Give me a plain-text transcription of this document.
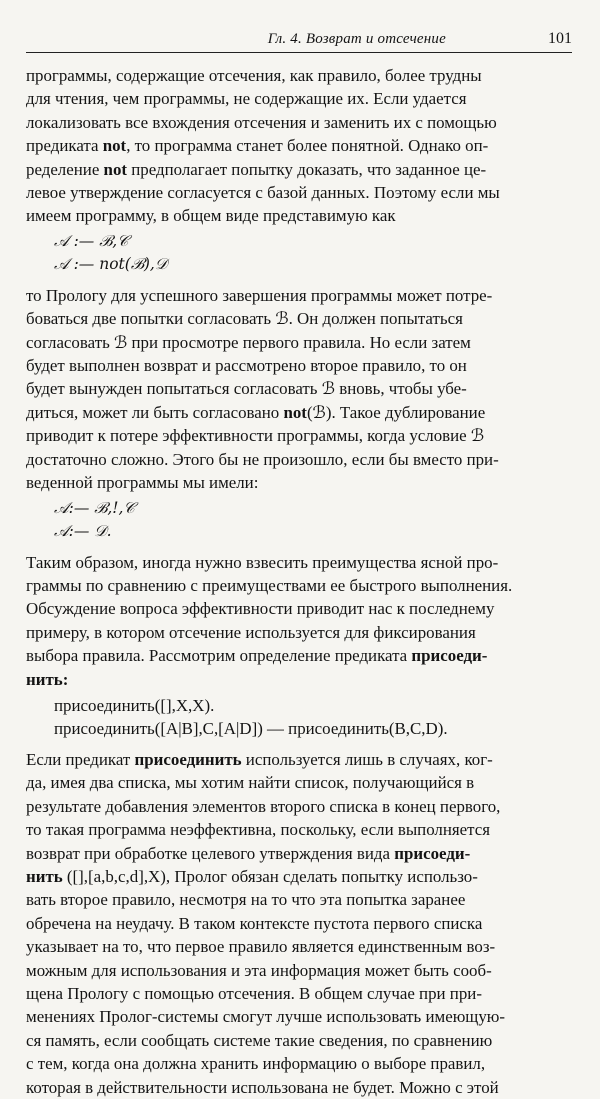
Гл. 4. Возврат и отсечение	101

программы, содержащие отсечения, как правило, более трудны
для чтения, чем программы, не содержащие их. Если удается
локализовать все вхождения отсечения и заменить их с помощью
предиката not, то программа станет более понятной. Однако оп-
ределение not предполагает попытку доказать, что заданное це-
левое утверждение согласуется с базой данных. Поэтому если мы
имеем программу, в общем виде представимую как

𝒜 :— ℬ,𝒞
𝒜 :— not(ℬ),𝒟

то Прологу для успешного завершения программы может потре-
боваться две попытки согласовать ℬ. Он должен попытаться
согласовать ℬ при просмотре первого правила. Но если затем
будет выполнен возврат и рассмотрено второе правило, то он
будет вынужден попытаться согласовать ℬ вновь, чтобы убе-
диться, может ли быть согласовано not(ℬ). Такое дублирование
приводит к потере эффективности программы, когда условие ℬ
достаточно сложно. Этого бы не произошло, если бы вместо при-
веденной программы мы имели:

𝒜:— ℬ,!,𝒞
𝒜:— 𝒟.

Таким образом, иногда нужно взвесить преимущества ясной про-
граммы по сравнению с преимуществами ее быстрого выполнения.
Обсуждение вопроса эффективности приводит нас к последнему
примеру, в котором отсечение используется для фиксирования
выбора правила. Рассмотрим определение предиката присоеди-
нить:

присоединить([],X,X).
присоединить([A|B],C,[A|D]) — присоединить(B,C,D).

Если предикат присоединить используется лишь в случаях, ког-
да, имея два списка, мы хотим найти список, получающийся в
результате добавления элементов второго списка в конец первого,
то такая программа неэффективна, поскольку, если выполняется
возврат при обработке целевого утверждения вида присоеди-
нить ([],[a,b,c,d],X), Пролог обязан сделать попытку использо-
вать второе правило, несмотря на то что эта попытка заранее
обречена на неудачу. В таком контексте пустота первого списка
указывает на то, что первое правило является единственным воз-
можным для использования и эта информация может быть сооб-
щена Прологу с помощью отсечения. В общем случае при при-
менениях Пролог-системы смогут лучше использовать имеющую-
ся память, если сообщать системе такие сведения, по сравнению
с тем, когда она должна хранить информацию о выборе правил,
которая в действительности использована не будет. Можно с этой
